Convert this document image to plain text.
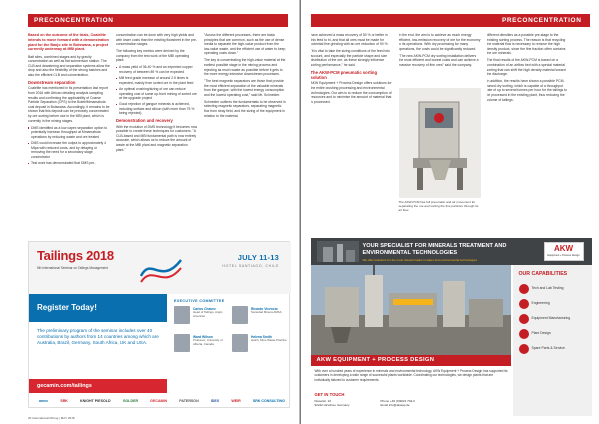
PRECONCENTRATION

Based on the outcome of the trials, Coalelite intends to move forward with a demonstration plant for the Banjo site in Botswana, a project currently underway at MBI plant.

Batt sites, combined stages and by gravity concentration as well as flat submersion station. The CLB and dewatering and separation systems allow the drop and also the flexibility of the strong batches and also the efficient CLB and concentration.

Downstream separation

Coalelite has mentioned in its presentation last report from 2016 with African detailing analysis sampling results and confirming the applicability of Coarse Particle Separation (CPS) to the Boteti/Mmamabula coal deposit in Botswana. Accordingly, it remains to be shown that this deposit can be precisely concentrated by ore sorting before use in the MBI plant, which is currently in the mining stages.

DMS identified as a low capex separation option to potentially increase throughput at Mmamabula operations by reducing waste and ore treated
DMS could increase the output to approximately 4 Mtpa with reduced costs, and by delaying or removing the need for a secondary stage concentrator
Test work has demonstrated that DMS pre-

concentration can be done with very high yields and with lower costs than the existing flowsheet in the pre-concentration stages.

The following key metrics were derived by the company from the test work of the MBI operating plant:

A mass yield of 36-40 % and an expected copper recovery of between 89 % can be expected
Mill feed grade increase of around 2.5 times is expected, mainly from sorted ore in the plant feed
An optimal crushing/sizing of ore can reduce operating cost of some up-front mining of sorted ore at the upgrade project
Good rejection of gangue minerals is achieved, including surface and silicon (with more than 75 % being rejected).
Demonstration and recovery

With the evolution of DMS technology it becomes now possible to create these techniques for customers. "A CLB-based and MBI fundamental path is now entirely accurate, which allows us to reduce the amount of waste at the MBI plant and magnetic separation plant."

"Across the different processes, there are basic principles that are common, such as the use of dense media to separate the high-value product from the low-value waste, and the efficient use of water to keep operating costs down."

The key is concentrating the high-value material at the earliest possible stage in the mining process and rejecting as much waste as possible before it gets to the more energy intensive downstream processes.

"The best magnetic separators are those that provide the most efficient separation of the valuable minerals from the gangue, with the lowest energy consumption and the lowest operating cost," said Mr. Schneider.

Schneider outlines the fundamentals to be observed in selecting magnetic separators, separating magnetic flux from stray field, and the sizing of the equipment in relation to the material.

Tailings 2018
5th International Seminar on Tailings Management
JULY 11-13
HOTEL SANTIAGO, CHILE
Register Today!
The preliminary program of the seminar includes over 40 contributions by authors from 14 countries among which are Australia, Brazil, Germany, South Africa, UK and USA.
gecamin.com/tailings
EXECUTIVE COMMITTEE
Carlos Chavez
Head of Tailings, Anglo American
Ricardo Vicencio
Sociedad Minera AMSA
Ward Wilson
Professor, University of Alberta, Canada
Helena Smith
Hatch, Mine Waste Practice
amec	SRK	KNIGHT PIESOLD	GOLDER	GECAMIN	PATERSON	IDEX	WEIR	SRK CONSULTING
20 International Mining | MAY 2018
PRECONCENTRATION

have achieved a mass recovery of 50 % or better in this feed to bi, and that all ores must be made for potential fine grinding with an ore reduction of 90 %.

"It is vital to take the sizing conditions of the feed into account, and especially the particle shape and size distribution of the ore, as these strongly influence sorting performance," he said.

The AKW-PCM pneumatic sorting solution

AKW Equipment + Process Design offers solutions for the entire crushing processing and environmental technologies. Our aim is to reduce the consumption of resources and to minimise the amount of material that is processed.

In the end, the aim is to achieve as much energy efficient, low-emission recovery of ore for the economy in its operations. With dry processing for many operations, the costs could be significantly reduced.

"The new AKW-PCM dry sorting installation delivers the most efficient and lowest costs and can achieve a massive recovery of fine ores" said the company.

different densities as a possible pre-stage to the existing sorting process. The reason is that recycling the material flow is necessary to remove the high density product, since the fine fraction often contains the ore minerals.

The final results of the AKW-PCM is based on a combination of an airflow bed with a special material sorting that can shift the high density material toward the discharge.

In addition, the results have shown a possible PCM-based dry sorting, which is capable of a throughput rate of up to several tonnes per hour for the tailings to be processed in the existing plant, thus reducing the volume of tailings.

The AKW-PCM has full pneumatic and air movement for separating the ore and sorting the fine particles through its air flow.
YOUR SPECIALIST FOR MINERALS TREATMENT AND ENVIRONMENTAL TECHNOLOGIES
We offer solutions for the most relevant tasks in water and environmental technologies
AKW
Equipment + Process Design
AKW EQUIPMENT + PROCESS DESIGN
With over a hundred years of experience in minerals and environmental technology, AKW Equipment + Process Design has supported its customers in developing a wide range of successful plants worldwide. Coordinating our technologies, we design plants that are individually tailored to customer requirements.
GET IN TOUCH
Dieselstr. 10
92242 Hirschau, Germany
Phone +49 (0)9622 703-0
Email info@akwap.de
OUR CAPABILITIES
Tech and Lab Testing
Engineering
Equipment Manufacturing
Plant Design
Spare Parts & Service
